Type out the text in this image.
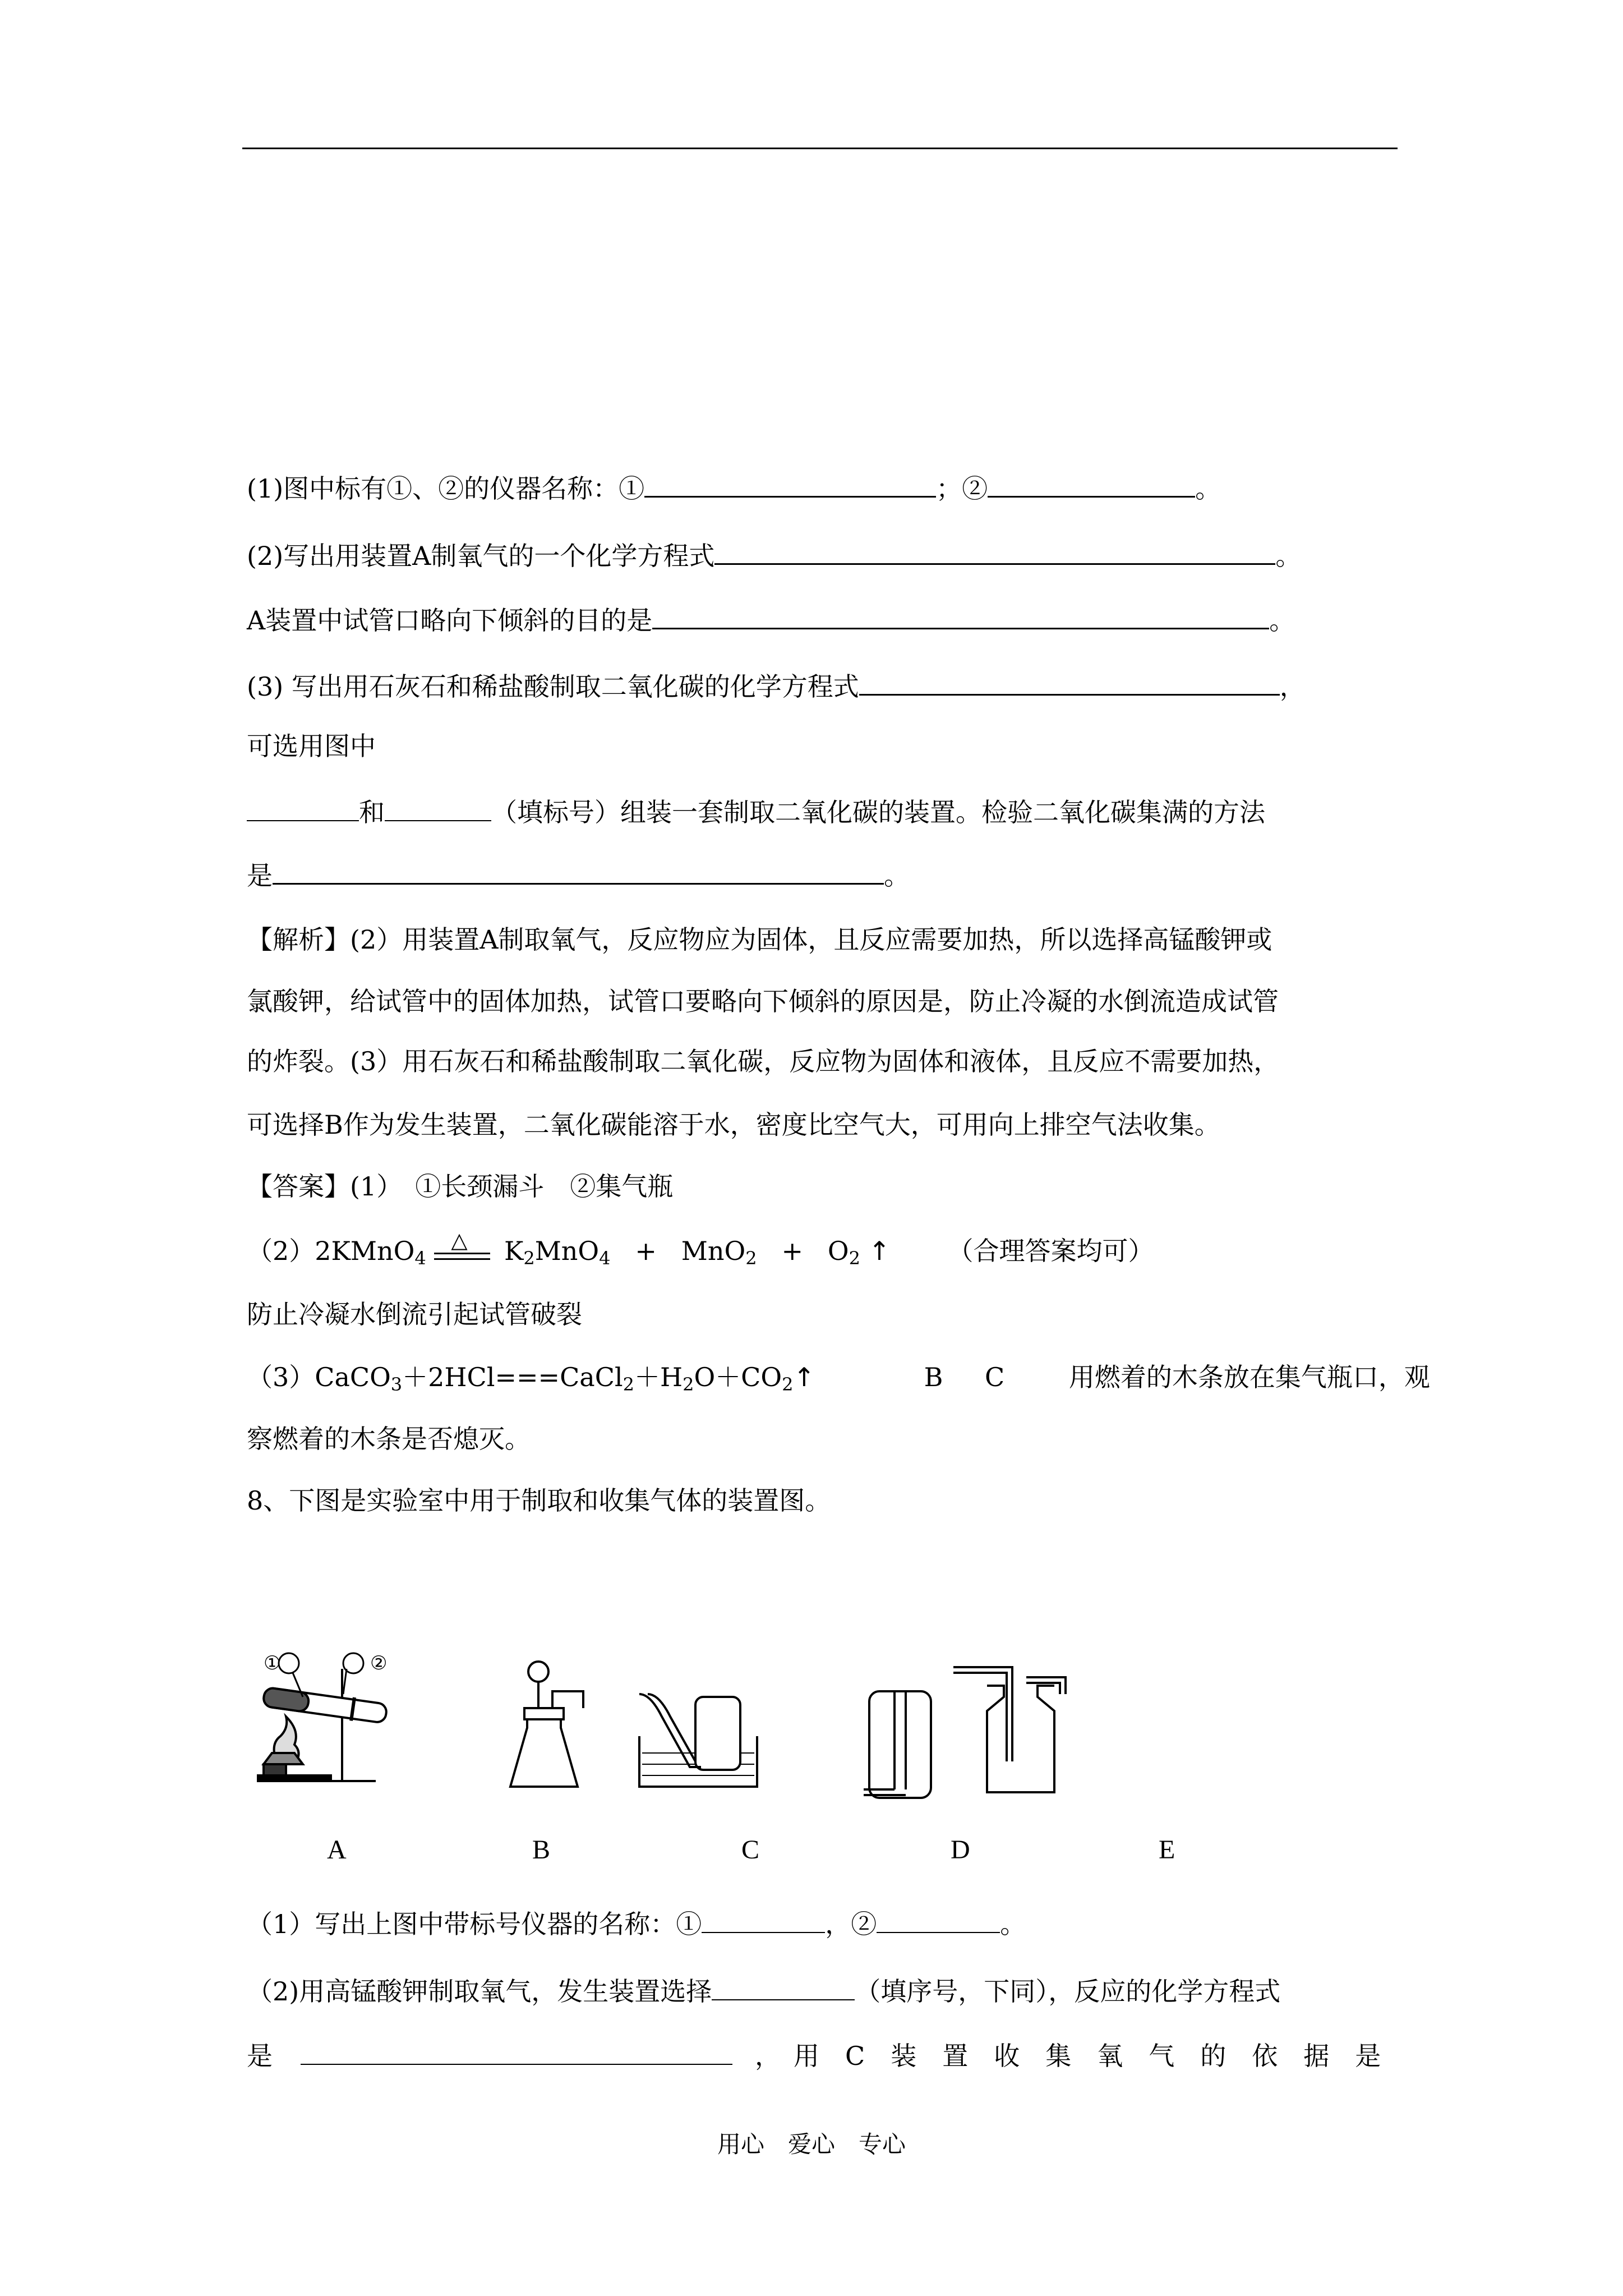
(1)图中标有①、②的仪器名称：①	；②	。
(2)写出用装置A制氧气的一个化学方程式	。
A装置中试管口略向下倾斜的目的是	。
(3) 写出用石灰石和稀盐酸制取二氧化碳的化学方程式	，
可选用图中
和	（填标号）组装一套制取二氧化碳的装置。检验二氧化碳集满的方法
是	。
【解析】(2）用装置A制取氧气，反应物应为固体，且反应需要加热，所以选择高锰酸钾或
氯酸钾，给试管中的固体加热，试管口要略向下倾斜的原因是，防止冷凝的水倒流造成试管
的炸裂。(3）用石灰石和稀盐酸制取二氧化碳，反应物为固体和液体，且反应不需要加热，
可选择B作为发生装置，二氧化碳能溶于水，密度比空气大，可用向上排空气法收集。
【答案】(1）　①长颈漏斗　②集气瓶
（2）2KMnO$_4$
△ $K_2MnO_4 + MnO_2 + O_2$ ↑ （合理答案均可）
防止冷凝水倒流引起试管破裂
$(3)CaCO_3+2HCl===CaCl_2+H_2O+CO_2↑$	B C 用燃着的木条放在集气瓶口，观
察燃着的木条是否熄灭。
8、下图是实验室中用于制取和收集气体的装置图。
①	②
A	B	C	D	E
（1）写出上图中带标号仪器的名称：①	，②	。
（2)用高锰酸钾制取氧气，发生装置选择	（填序号，下同），反应的化学方程式
是	，　用　C　装　置　收　集　氧　气　的　依　据　是
用心　爱心　专心
